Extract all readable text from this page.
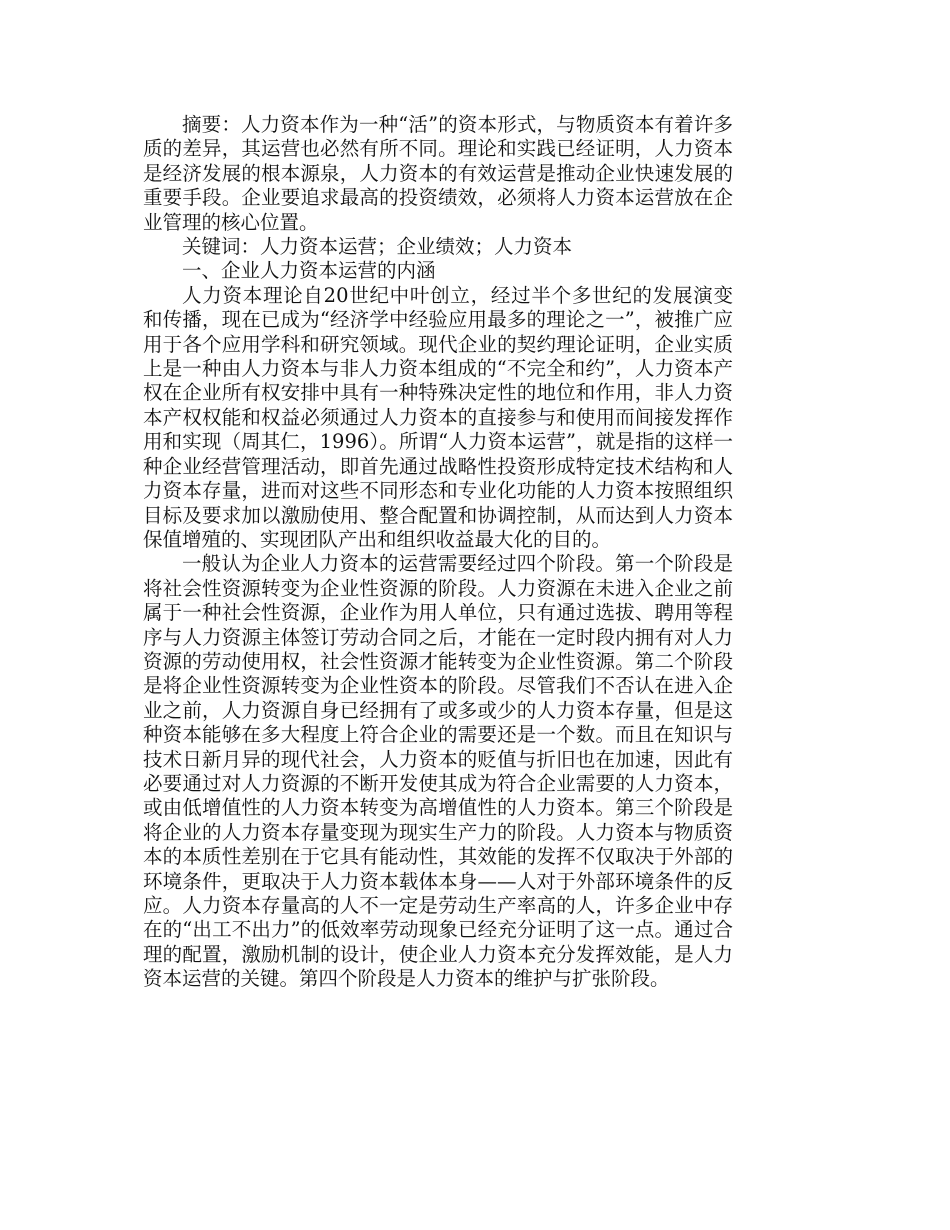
摘要：人力资本作为一种“活”的资本形式，与物质资本有着许多质的差异，其运营也必然有所不同。理论和实践已经证明，人力资本是经济发展的根本源泉，人力资本的有效运营是推动企业快速发展的重要手段。企业要追求最高的投资绩效，必须将人力资本运营放在企业管理的核心位置。

关键词：人力资本运营；企业绩效；人力资本

一、企业人力资本运营的内涵

人力资本理论自20世纪中叶创立，经过半个多世纪的发展演变和传播，现在已成为“经济学中经验应用最多的理论之一”，被推广应用于各个应用学科和研究领域。现代企业的契约理论证明，企业实质上是一种由人力资本与非人力资本组成的“不完全和约”，人力资本产权在企业所有权安排中具有一种特殊决定性的地位和作用，非人力资本产权权能和权益必须通过人力资本的直接参与和使用而间接发挥作用和实现（周其仁，1996）。所谓“人力资本运营”，就是指的这样一种企业经营管理活动，即首先通过战略性投资形成特定技术结构和人力资本存量，进而对这些不同形态和专业化功能的人力资本按照组织目标及要求加以激励使用、整合配置和协调控制，从而达到人力资本保值增殖的、实现团队产出和组织收益最大化的目的。

一般认为企业人力资本的运营需要经过四个阶段。第一个阶段是将社会性资源转变为企业性资源的阶段。人力资源在未进入企业之前属于一种社会性资源，企业作为用人单位，只有通过选拔、聘用等程序与人力资源主体签订劳动合同之后，才能在一定时段内拥有对人力资源的劳动使用权，社会性资源才能转变为企业性资源。第二个阶段是将企业性资源转变为企业性资本的阶段。尽管我们不否认在进入企业之前，人力资源自身已经拥有了或多或少的人力资本存量，但是这种资本能够在多大程度上符合企业的需要还是一个数。而且在知识与技术日新月异的现代社会，人力资本的贬值与折旧也在加速，因此有必要通过对人力资源的不断开发使其成为符合企业需要的人力资本，或由低增值性的人力资本转变为高增值性的人力资本。第三个阶段是将企业的人力资本存量变现为现实生产力的阶段。人力资本与物质资本的本质性差别在于它具有能动性，其效能的发挥不仅取决于外部的环境条件，更取决于人力资本载体本身——人对于外部环境条件的反应。人力资本存量高的人不一定是劳动生产率高的人，许多企业中存在的“出工不出力”的低效率劳动现象已经充分证明了这一点。通过合理的配置，激励机制的设计，使企业人力资本充分发挥效能，是人力资本运营的关键。第四个阶段是人力资本的维护与扩张阶段。
